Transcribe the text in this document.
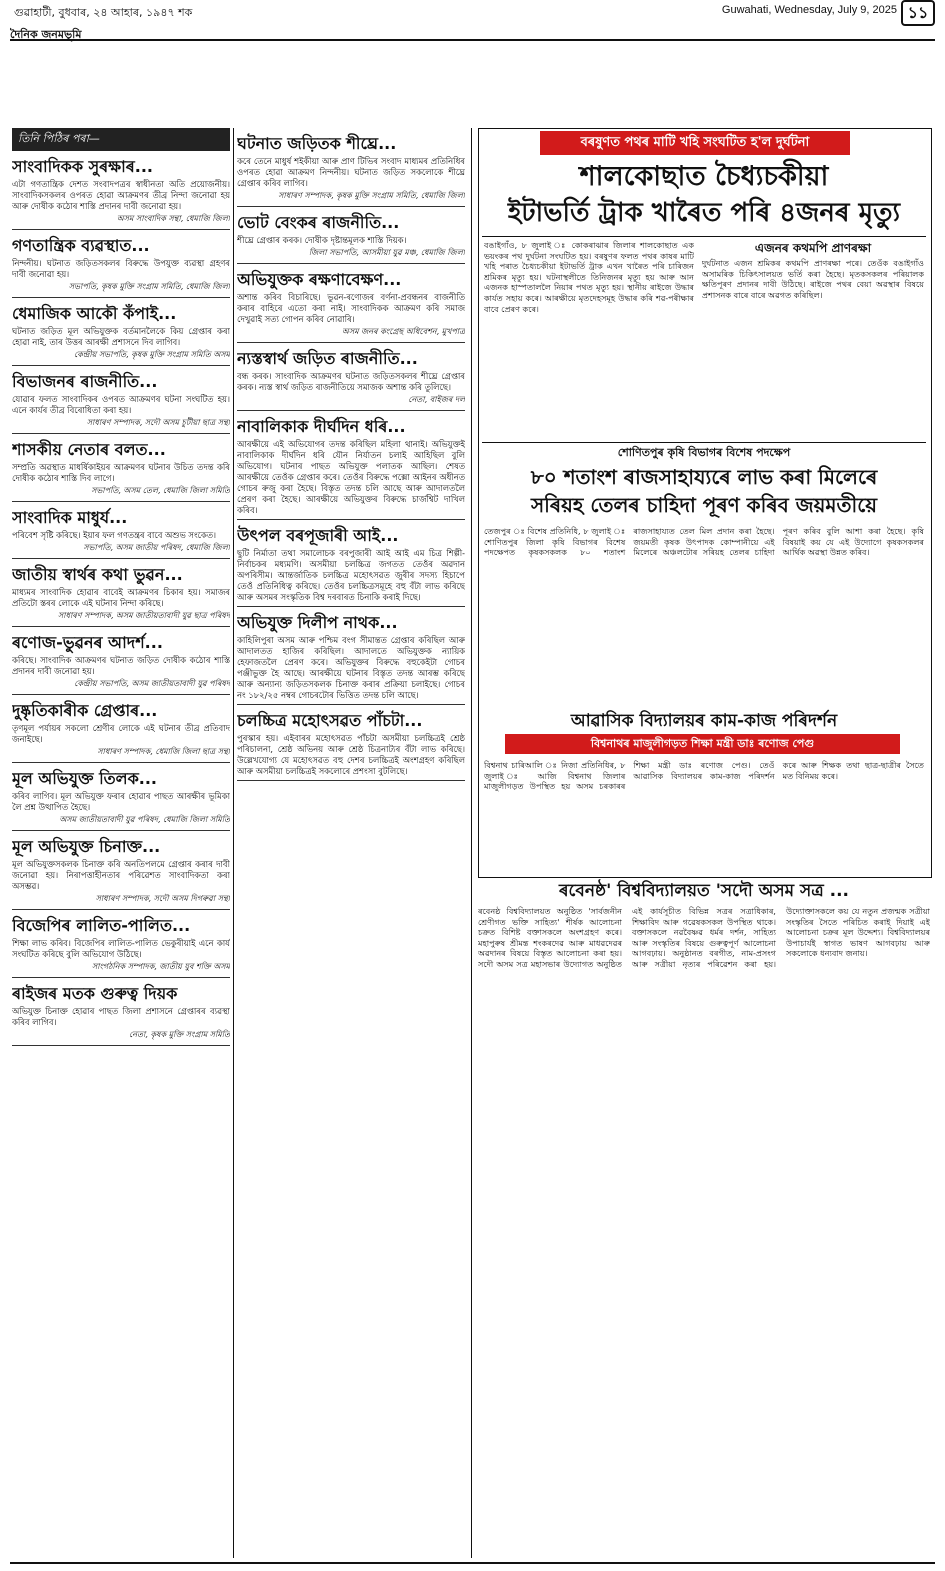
গুৱাহাটী, বুধবাৰ, ২৪ আহাৰ, ১৯৪৭ শক	Guwahati, Wednesday, July 9, 2025 ১১
দৈনিক জনমভূমি
তিনি পিঠিৰ পৰা—
সাংবাদিকক সুৰক্ষাৰ...

এটা গণতান্ত্ৰিক দেশত সংবাদপত্ৰৰ স্বাধীনতা অতি প্ৰয়োজনীয়। সাংবাদিকসকলৰ ওপৰত হোৱা আক্ৰমণৰ তীব্ৰ নিন্দা জনোৱা হয় আৰু দোষীক কঠোৰ শাস্তি প্ৰদানৰ দাবী জনোৱা হয়।

অসম সাংবাদিক সন্থা, ধেমাজি জিলা
গণতান্ত্ৰিক ব্যৱস্থাত...

নিন্দনীয়। ঘটনাত জড়িতসকলৰ বিৰুদ্ধে উপযুক্ত ব্যৱস্থা গ্ৰহণৰ দাবী জনোৱা হয়।

সভাপতি, কৃষক মুক্তি সংগ্ৰাম সমিতি, ধেমাজি জিলা
ধেমাজিক আকৌ কঁপাই...

ঘটনাত জড়িত মূল অভিযুক্তক বৰ্তমানলৈকে কিয় গ্ৰেপ্তাৰ কৰা হোৱা নাই, তাৰ উত্তৰ আৰক্ষী প্ৰশাসনে দিব লাগিব।

কেন্দ্ৰীয় সভাপতি, কৃষক মুক্তি সংগ্ৰাম সমিতি অসম
বিভাজনৰ ৰাজনীতি...

যোৱাৰ ফলত সাংবাদিকৰ ওপৰত আক্ৰমণৰ ঘটনা সংঘটিত হয়। এনে কাৰ্যৰ তীব্ৰ বিৰোধিতা কৰা হয়।

সাধাৰণ সম্পাদক, সদৌ অসম চুটীয়া ছাত্ৰ সন্থা
শাসকীয় নেতাৰ বলত...

সম্প্ৰতি অৱস্থাত মাধৰ্ষিকাইয়ৰ আক্ৰমণৰ ঘটনাৰ উচিত তদন্ত কৰি দোষীক কঠোৰ শাস্তি দিব লাগে।

সভাপতি, অসম তেল, ধেমাজি জিলা সমিতি
সাংবাদিক মাধুৰ্য...

পৰিবেশ সৃষ্টি কৰিছে। ইয়াৰ ফল গণতন্ত্ৰৰ বাবে অশুভ সংকেত।

সভাপতি, অসম জাতীয় পৰিষদ, ধেমাজি জিলা
জাতীয় স্বাৰ্থৰ কথা ভুৱন...

মাধ্যমৰ সাংবাদিক হোৱাৰ বাবেই আক্ৰমণৰ চিকাৰ হয়। সমাজৰ প্ৰতিটো স্তৰৰ লোকে এই ঘটনাৰ নিন্দা কৰিছে।

সাধাৰণ সম্পাদক, অসম জাতীয়তাবাদী যুৱ ছাত্ৰ পৰিষদ
ৰণোজ-ভুৱনৰ আদৰ্শ...

কৰিছে। সাংবাদিক আক্ৰমণৰ ঘটনাত জড়িত দোষীক কঠোৰ শাস্তি প্ৰদানৰ দাবী জনোৱা হয়।

কেন্দ্ৰীয় সভাপতি, অসম জাতীয়তাবাদী যুৱ পৰিষদ
দুষ্কৃতিকাৰীক গ্ৰেপ্তাৰ...

তৃণমূল পৰ্যায়ৰ সকলো শ্ৰেণীৰ লোকে এই ঘটনাৰ তীব্ৰ প্ৰতিবাদ জনাইছে।

সাধাৰণ সম্পাদক, ধেমাজি জিলা ছাত্ৰ সন্থা
মূল অভিযুক্ত তিলক...

কৰিব লাগিব। মূল অভিযুক্ত ফৰাৰ হোৱাৰ পাছত আৰক্ষীৰ ভূমিকা লৈ প্ৰশ্ন উত্থাপিত হৈছে।

অসম জাতীয়তাবাদী যুৱ পৰিষদ, ধেমাজি জিলা সমিতি
মূল অভিযুক্ত চিনাক্ত...

মূল অভিযুক্তসকলক চিনাক্ত কৰি অনতিপলমে গ্ৰেপ্তাৰ কৰাৰ দাবী জনোৱা হয়। নিৰাপত্তাহীনতাৰ পৰিৱেশত সাংবাদিকতা কৰা অসম্ভৱ।

সাধাৰণ সম্পাদক, সদৌ অসম দিগৰুৱা সন্থা
বিজেপিৰ লালিত-পালিত...

শিক্ষা লাভ কৰিব। বিজেপিৰ লালিত-পালিত ভেকুৰীয়াই এনে কাৰ্য সংঘটিত কৰিছে বুলি অভিযোগ উঠিছে।

সাংগঠনিক সম্পাদক, জাতীয় যুব শক্তি অসম
ৰাইজৰ মতক গুৰুত্ব দিয়ক

অভিযুক্ত চিনাক্ত হোৱাৰ পাছত জিলা প্ৰশাসনে গ্ৰেপ্তাৰৰ ব্যৱস্থা কৰিব লাগিব।

নেতা, কৃষক মুক্তি সংগ্ৰাম সমিতি
ঘটনাত জড়িতক শীঘ্ৰে...

কৰে তেনে মাধুৰ্ষ শইকীয়া আৰু প্ৰাণ টিভিৰ সংবাদ মাধ্যমৰ প্ৰতিনিধিৰ ওপৰত হোৱা আক্ৰমণ নিন্দনীয়। ঘটনাত জড়িত সকলোকে শীঘ্ৰে গ্ৰেপ্তাৰ কৰিব লাগিব।

সাধাৰণ সম্পাদক, কৃষক মুক্তি সংগ্ৰাম সমিতি, ধেমাজি জিলা
ভোট বেংকৰ ৰাজনীতি...

শীঘ্ৰে গ্ৰেপ্তাৰ কৰক। দোষীক দৃষ্টান্তমূলক শাস্তি দিয়ক।

জিলা সভাপতি, আসমীয়া যুৱ মঞ্চ, ধেমাজি জিলা
অভিযুক্তক ৰক্ষণাবেক্ষণ...

অশান্ত কৰিব বিচাৰিছে। ভুৱন-ৰণোজৰ বৰ্ণনা-প্ৰবন্ধনৰ বাজনীতি কৰাৰ বাহিৰে এতো কৰা নাই। সাংবাদিকক আক্ৰমণ কৰি সমাজ দেখুৱাই সত্য গোপন কৰিব নোৱাৰি।

অসম জনৰ কংগ্ৰেছ অধিবেশন, মুখপাত্ৰ
ন্যস্তস্বাৰ্থ জড়িত ৰাজনীতি...

বন্ধ কৰক। সাংবাদিক আক্ৰমণৰ ঘটনাত জড়িতসকলৰ শীঘ্ৰে গ্ৰেপ্তাৰ কৰক। ন্যস্ত স্বাৰ্থ জড়িত ৰাজনীতিয়ে সমাজক অশান্ত কৰি তুলিছে।

নেতা, বাইজৰ দল
নাবালিকাক দীৰ্ঘদিন ধৰি...

আৰক্ষীয়ে এই অভিযোগৰ তদন্ত কৰিছিল মহিলা থানাই। অভিযুক্তই নাবালিকাক দীৰ্ঘদিন ধৰি যৌন নিৰ্যাতন চলাই আহিছিল বুলি অভিযোগ। ঘটনাৰ পাছত অভিযুক্ত পলাতক আছিল। শেষত আৰক্ষীয়ে তেওঁক গ্ৰেপ্তাৰ কৰে। তেওঁৰ বিৰুদ্ধে পক্সো আইনৰ অধীনত গোচৰ ৰুজু কৰা হৈছে। বিস্তৃত তদন্ত চলি আছে আৰু আদালতলৈ প্ৰেৰণ কৰা হৈছে। আৰক্ষীয়ে অভিযুক্তৰ বিৰুদ্ধে চাৰ্জশ্বিট দাখিল কৰিব।

উৎপল বৰপূজাৰী আই...

ছুটি নিৰ্মাতা তথা সমালোচক বৰপুজাৰী আই আই এম চিত্ৰ শিল্পী-নিৰ্বাচকৰ মধ্যমণি। অসমীয়া চলচ্চিত্ৰ জগতত তেওঁৰ অৱদান অপৰিসীম। আন্তৰ্জাতিক চলচ্চিত্ৰ মহোৎসৱত জুৰীৰ সদস্য হিচাপে তেওঁ প্ৰতিনিধিত্ব কৰিছে। তেওঁৰ চলচ্চিত্ৰসমূহে বহু বঁটা লাভ কৰিছে আৰু অসমৰ সংস্কৃতিক বিশ্ব দৰবাৰত চিনাকি কৰাই দিছে।

অভিযুক্ত দিলীপ নাথক...

কাহিলিপুৰা অসম আৰু পশ্চিম বংগ সীমান্তত গ্ৰেপ্তাৰ কৰিছিল আৰু আদালতত হাজিৰ কৰিছিল। আদালতে অভিযুক্তক ন্যায়িক হেফাজতলৈ প্ৰেৰণ কৰে। অভিযুক্তৰ বিৰুদ্ধে বহুকেইটা গোচৰ পঞ্জীভুক্ত হৈ আছে। আৰক্ষীয়ে ঘটনাৰ বিস্তৃত তদন্ত আৰম্ভ কৰিছে আৰু অন্যান্য জড়িতসকলক চিনাক্ত কৰাৰ প্ৰক্ৰিয়া চলাইছে। গোচৰ নং ১৮২/২৫ নম্বৰ গোচৰটোৰ ভিত্তিত তদন্ত চলি আছে।

চলচ্চিত্ৰ মহোৎসৱত পাঁচটা...

পুৰস্কাৰ হয়। এইবাৰৰ মহোৎসৱত পাঁচটা অসমীয়া চলচ্চিত্ৰই শ্ৰেষ্ঠ পৰিচালনা, শ্ৰেষ্ঠ অভিনয় আৰু শ্ৰেষ্ঠ চিত্ৰনাট্যৰ বঁটা লাভ কৰিছে। উল্লেখযোগ্য যে মহোৎসৱত বহু দেশৰ চলচ্চিত্ৰই অংশগ্ৰহণ কৰিছিল আৰু অসমীয়া চলচ্চিত্ৰই সকলোৰে প্ৰশংসা বুটলিছে।

বৰষুণত পথৰ মাটি খহি সংঘটিত হ'ল দুৰ্ঘটনা
শালকোছাত চৈধ্যচকীয়া
ইটাভৰ্তি ট্ৰাক খাৰৈত পৰি ৪জনৰ মৃত্যু

বঙাইগাঁও, ৮ জুলাই ঃ কোকৰাঝাৰ জিলাৰ শালকোছাত এক ভয়ংকৰ পথ দুৰ্ঘটনা সংঘটিত হয়। বৰষুণৰ ফলত পথৰ কাষৰ মাটি খহি পৰাত চৈধ্যচকীয়া ইটাভৰ্তি ট্ৰাক এখন খাৰৈত পৰি চাৰিজন শ্ৰমিকৰ মৃত্যু হয়। ঘটনাস্থলীতে তিনিজনৰ মৃত্যু হয় আৰু আন এজনক হাস্পতাললৈ নিয়াৰ পথত মৃত্যু হয়। স্থানীয় ৰাইজে উদ্ধাৰ কাৰ্যত সহায় কৰে। আৰক্ষীয়ে মৃতদেহসমূহ উদ্ধাৰ কৰি শৱ-পৰীক্ষাৰ বাবে প্ৰেৰণ কৰে।

এজনৰ কথমপি প্ৰাণৰক্ষা

দুৰ্ঘটনাত এজন শ্ৰমিকৰ কথমপি প্ৰাণৰক্ষা পৰে। তেওঁক বঙাইগাঁও অসামৰিক চিকিৎসালয়ত ভৰ্তি কৰা হৈছে। মৃতকসকলৰ পৰিয়ালক ক্ষতিপূৰণ প্ৰদানৰ দাবী উঠিছে। ৰাইজে পথৰ বেয়া অৱস্থাৰ বিষয়ে প্ৰশাসনক বাৰে বাৰে অৱগত কৰিছিল।

শোণিতপুৰ কৃষি বিভাগৰ বিশেষ পদক্ষেপ
৮০ শতাংশ ৰাজসাহায্যৰে লাভ কৰা মিলেৰে
সৰিয়হ তেলৰ চাহিদা পূৰণ কৰিব জয়মতীয়ে

তেজপুৰ ঃ বিশেষ প্ৰতিনিধি, ৮ জুলাই ঃ শোণিতপুৰ জিলা কৃষি বিভাগৰ বিশেষ পদক্ষেপত কৃষকসকলক ৮০ শতাংশ ৰাজসাহায্যত তেল মিল প্ৰদান কৰা হৈছে। জয়মতী কৃষক উৎপাদক কোম্পানীয়ে এই মিলেৰে অঞ্চলটোৰ সৰিয়হ তেলৰ চাহিদা পূৰণ কৰিব বুলি আশা কৰা হৈছে। কৃষি বিষয়াই কয় যে এই উদ্যোগে কৃষকসকলৰ আৰ্থিক অৱস্থা উন্নত কৰিব।

আৱাসিক বিদ্যালয়ৰ কাম-কাজ পৰিদৰ্শন
বিশ্বনাথৰ মাজুলীগড়ত শিক্ষা মন্ত্ৰী ডাঃ ৰণোজ পেগু

বিশ্বনাথ চাৰিআলি ঃ নিজা প্ৰতিনিধিৰ, ৮ জুলাই ঃ আজি বিশ্বনাথ জিলাৰ মাজুলীগড়ত উপস্থিত হয় অসম চৰকাৰৰ শিক্ষা মন্ত্ৰী ডাঃ ৰণোজ পেগু। তেওঁ আৱাসিক বিদ্যালয়ৰ কাম-কাজ পৰিদৰ্শন কৰে আৰু শিক্ষক তথা ছাত্ৰ-ছাত্ৰীৰ সৈতে মত বিনিময় কৰে।

ৰবেনষ্ঠ' বিশ্ববিদ্যালয়ত 'সদৌ অসম সত্ৰ ...

ৰবেনষ্ঠ বিশ্ববিদ্যালয়ত অনুষ্ঠিত 'সাৰ্বজনীন শ্ৰেণীগত ভক্তি সাহিত্য' শীৰ্ষক আলোচনা চক্ৰত বিশিষ্ট বক্তাসকলে অংশগ্ৰহণ কৰে। মহাপুৰুষ শ্ৰীমন্ত শংকৰদেৱ আৰু মাধৱদেৱৰ অৱদানৰ বিষয়ে বিস্তৃত আলোচনা কৰা হয়। সদৌ অসম সত্ৰ মহাসভাৰ উদ্যোগত অনুষ্ঠিত এই কাৰ্যসূচীত বিভিন্ন সত্ৰৰ সত্ৰাধিকাৰ, শিক্ষাবিদ আৰু গৱেষকসকল উপস্থিত থাকে। বক্তাসকলে নৱবৈষ্ণৱ ধৰ্মৰ দৰ্শন, সাহিত্য আৰু সংস্কৃতিৰ বিষয়ে গুৰুত্বপূৰ্ণ আলোচনা আগবঢ়ায়। অনুষ্ঠানত বৰগীত, নাম-প্ৰসংগ আৰু সত্ৰীয়া নৃত্যৰ পৰিৱেশন কৰা হয়। উদ্যোক্তাসকলে কয় যে নতুন প্ৰজন্মক সত্ৰীয়া সংস্কৃতিৰ সৈতে পৰিচিত কৰাই দিয়াই এই আলোচনা চক্ৰৰ মূল উদ্দেশ্য। বিশ্ববিদ্যালয়ৰ উপাচাৰ্যই স্বাগত ভাষণ আগবঢ়ায় আৰু সকলোকে ধন্যবাদ জনায়।
